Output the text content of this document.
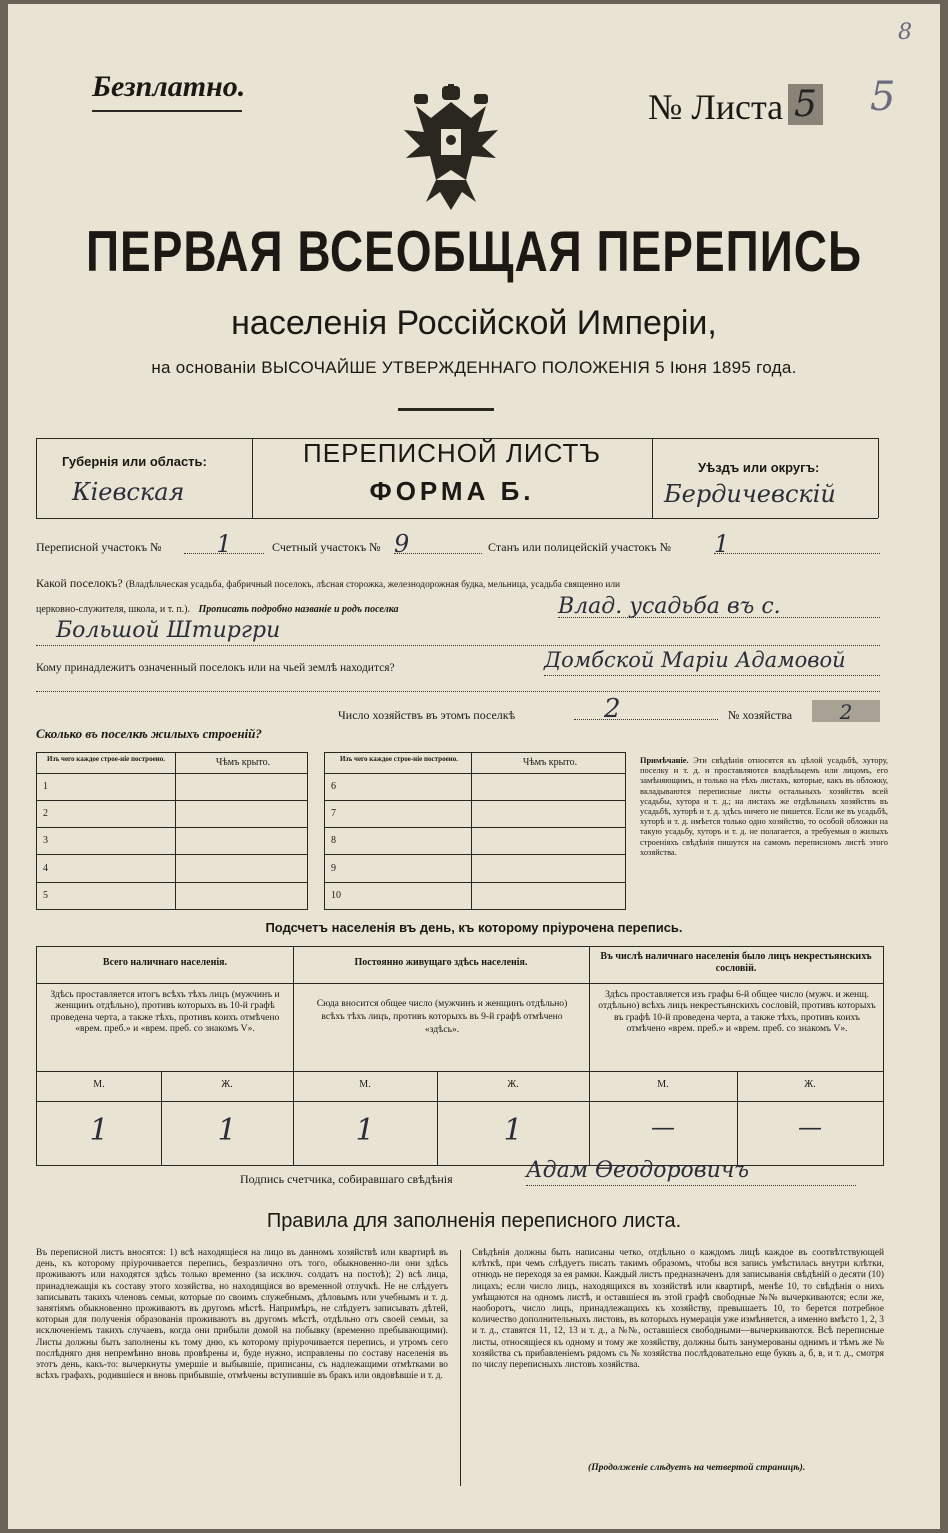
8
Безплатно.
№ Листа 5 5
ПЕРВАЯ ВСЕОБЩАЯ ПЕРЕПИСЬ
населенія Россійской Имперіи,
на основаніи ВЫСОЧАЙШЕ УТВЕРЖДЕННАГО ПОЛОЖЕНІЯ 5 Іюня 1895 года.
Губернія или область:
Кіевская
ПЕРЕПИСНОЙ ЛИСТЪ
ФОРМА Б.
Уѣздъ или округъ:
Бердичевскій
Переписной участокъ №	1	Счетный участокъ № 9	Станъ или полицейскій участокъ № 1
Какой поселокъ? (Владѣльческая усадьба, фабричный поселокъ, лѣсная сторожка, железнодорожная будка, мельница, усадьба священно или
церковно-служителя, школа, и т. п.). Прописать подробно названіе и родъ поселка	Влад. усадьба въ с.
Большой Штиргри
Кому принадлежитъ означенный поселокъ или на чьей землѣ находится?	Домбской Маріи Адамовой
Число хозяйствъ въ этомъ поселкѣ	2	№ хозяйства	2
Сколько въ поселкѣ жилыхъ строеній?
Изъ чего каждое строе-ніе построено.	Чѣмъ крыто.
1
2
3
4
5
Изъ чего каждое строе-ніе построено.	Чѣмъ крыто.
6
7
8
9
10
Примѣчаніе. Эти свѣдѣнія относятся къ цѣлой усадьбѣ, хутору, поселку и т. д. и проставляются владѣльцемъ или лицомъ, его замѣняющимъ, и только на тѣхъ листахъ, которые, какъ въ обложку, вкладываются переписные листы остальныхъ хозяйствъ всей усадьбы, хутора и т. д.; на листахъ же отдѣльныхъ хозяйствъ въ усадьбѣ, хуторѣ и т. д. здѣсь ничего не пишется. Если же въ усадьбѣ, хуторѣ и т. д. имѣется только одно хозяйство, то особой обложки на такую усадьбу, хуторъ и т. д. не полагается, а требуемыя о жилыхъ строеніяхъ свѣдѣнія пишутся на самомъ переписномъ листѣ этого хозяйства.
Подсчетъ населенія въ день, къ которому пріурочена перепись.
Всего наличнаго населенія.	Постоянно живущаго здѣсь населенія.
Въ числѣ наличнаго населенія было лицъ некрестьянскихъ сословій.
Здѣсь проставляется итогъ всѣхъ тѣхъ лицъ (мужчинъ и женщинъ отдѣльно), противъ которыхъ въ 10-й графѣ проведена черта, а также тѣхъ, противъ коихъ отмѣчено «врем. преб.» и «врем. преб. со знакомъ V».
Сюда вносится общее число (мужчинъ и женщинъ отдѣльно) всѣхъ тѣхъ лицъ, противъ которыхъ въ 9-й графѣ отмѣчено «здѣсь».
Здѣсь проставляется изъ графы 6-й общее число (мужч. и женщ. отдѣльно) всѣхъ лицъ некрестьянскихъ сословій, противъ которыхъ въ графѣ 10-й проведена черта, а также тѣхъ, противъ коихъ отмѣчено «врем. преб.» и «врем. преб. со знакомъ V».
М.	Ж.	М.	Ж.	М.	Ж.
1	1	1	1	—	—
Подпись счетчика, собиравшаго свѣдѣнія	Адам Ѳеодоровичъ
Правила для заполненія переписного листа.
Въ переписной листъ вносятся: 1) всѣ находящіеся на лицо въ данномъ хозяйствѣ или квартирѣ въ день, къ которому пріурочивается перепись, безразлично отъ того, обыкновенно-ли они здѣсь проживаютъ или находятся здѣсь только временно (за исключ. солдатъ на постоѣ); 2) всѣ лица, принадлежащія къ составу этого хозяйства, но находящіяся во временной отлучкѣ. Не не слѣдуетъ записывать такихъ членовъ семьи, которые по своимъ служебнымъ, дѣловымъ или учебнымъ и т. д. занятіямъ обыкновенно проживаютъ въ другомъ мѣстѣ. Напримѣръ, не слѣдуетъ записывать дѣтей, которыя для полученія образованія проживаютъ въ другомъ мѣстѣ, отдѣльно отъ своей семьи, за исключеніемъ такихъ случаевъ, когда они прибыли домой на побывку (временно пребывающими). Листы должны быть заполнены къ тому дню, къ которому пріурочивается перепись, и утромъ сего послѣдняго дня непремѣнно вновь провѣрены и, буде нужно, исправлены по составу населенія въ этотъ день, какъ-то: вычеркнуты умершіе и выбывшіе, приписаны, съ надлежащими отмѣтками во всѣхъ графахъ, родившіеся и вновь прибывшіе, отмѣчены вступившіе въ бракъ или овдовѣвшіе и т. д.
Свѣдѣнія должны быть написаны четко, отдѣльно о каждомъ лицѣ каждое въ соотвѣтствующей клѣткѣ, при чемъ слѣдуетъ писать такимъ образомъ, чтобы вся запись умѣстилась внутри клѣтки, отнюдь не переходя за ея рамки. Каждый листъ предназначенъ для записыванія свѣдѣній о десяти (10) лицахъ; если число лицъ, находящихся въ хозяйствѣ или квартирѣ, менѣе 10, то свѣдѣнія о нихъ умѣщаются на одномъ листѣ, и оставшіеся въ этой графѣ свободные №№ вычеркиваются; если же, наоборотъ, число лицъ, принадлежащихъ къ хозяйству, превышаетъ 10, то берется потребное количество дополнительныхъ листовъ, въ которыхъ нумерація уже измѣняется, а именно вмѣсто 1, 2, 3 и т. д., ставятся 11, 12, 13 и т. д., а №№, оставшіеся свободными—вычеркиваются. Всѣ переписные листы, относящіеся къ одному и тому же хозяйству, должны быть занумерованы однимъ и тѣмъ же № хозяйства съ прибавленіемъ рядомъ съ № хозяйства послѣдовательно еще буквъ а, б, в, и т. д., смотря по числу переписныхъ листовъ хозяйства.
(Продолженіе слѣдуетъ на четвертой страницѣ).
